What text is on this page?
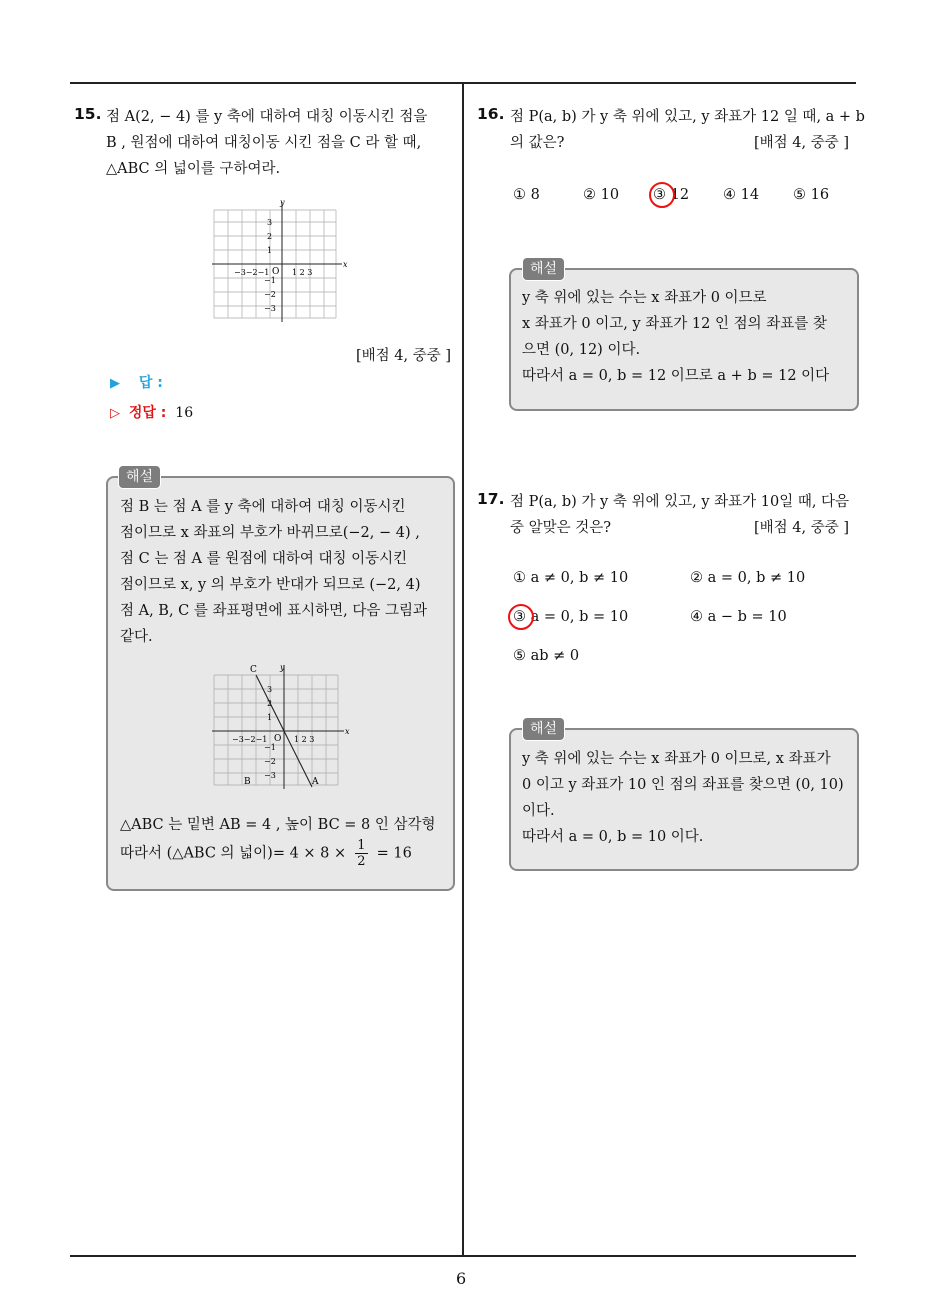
6
15. 점 A(2, − 4) 를 y 축에 대하여 대칭 이동시킨 점을
B , 원점에 대하여 대칭이동 시킨 점을 C 라 할 때,
△ABC 의 넓이를 구하여라.
x
y
O
−3−2−1	1 2 3
3
2
1
−1
−2
−3
[배점 4, 중중 ]
▶ 답 :
▷ 정답 : 16
해설
점 B 는 점 A 를 y 축에 대하여 대칭 이동시킨
점이므로 x 좌표의 부호가 바뀌므로(−2, − 4) ,
점 C 는 점 A 를 원점에 대하여 대칭 이동시킨
점이므로 x, y 의 부호가 반대가 되므로 (−2, 4)
점 A, B, C 를 좌표평면에 표시하면, 다음 그림과
같다.
x
y
O
−3−2−1	1 2 3
3
2
1
−1
−2
−3
C
B	A
△ABC 는 밑변 AB = 4 , 높이 BC = 8 인 삼각형
따라서 (△ABC 의 넓이)= $4 \times 8 \times \frac{1}{2} = 16$
16. 점 P(a, b) 가 y 축 위에 있고, y 좌표가 12 일 때, a + b
의 값은?	[배점 4, 중중 ]
① 8	② 10 ③ 12 ④ 14 ⑤ 16
해설
y 축 위에 있는 수는 x 좌표가 0 이므로
x 좌표가 0 이고, y 좌표가 12 인 점의 좌표를 찾
으면 (0, 12) 이다.
따라서 a = 0, b = 12 이므로 a + b = 12 이다
17. 점 P(a, b) 가 y 축 위에 있고, y 좌표가 10일 때, 다음
중 알맞은 것은?	[배점 4, 중중 ]
① a ≠ 0, b ≠ 10	② a = 0, b ≠ 10
③ a = 0, b = 10	④ a − b = 10
⑤ ab ≠ 0
해설
y 축 위에 있는 수는 x 좌표가 0 이므로, x 좌표가
0 이고 y 좌표가 10 인 점의 좌표를 찾으면 (0, 10)
이다.
따라서 a = 0, b = 10 이다.
